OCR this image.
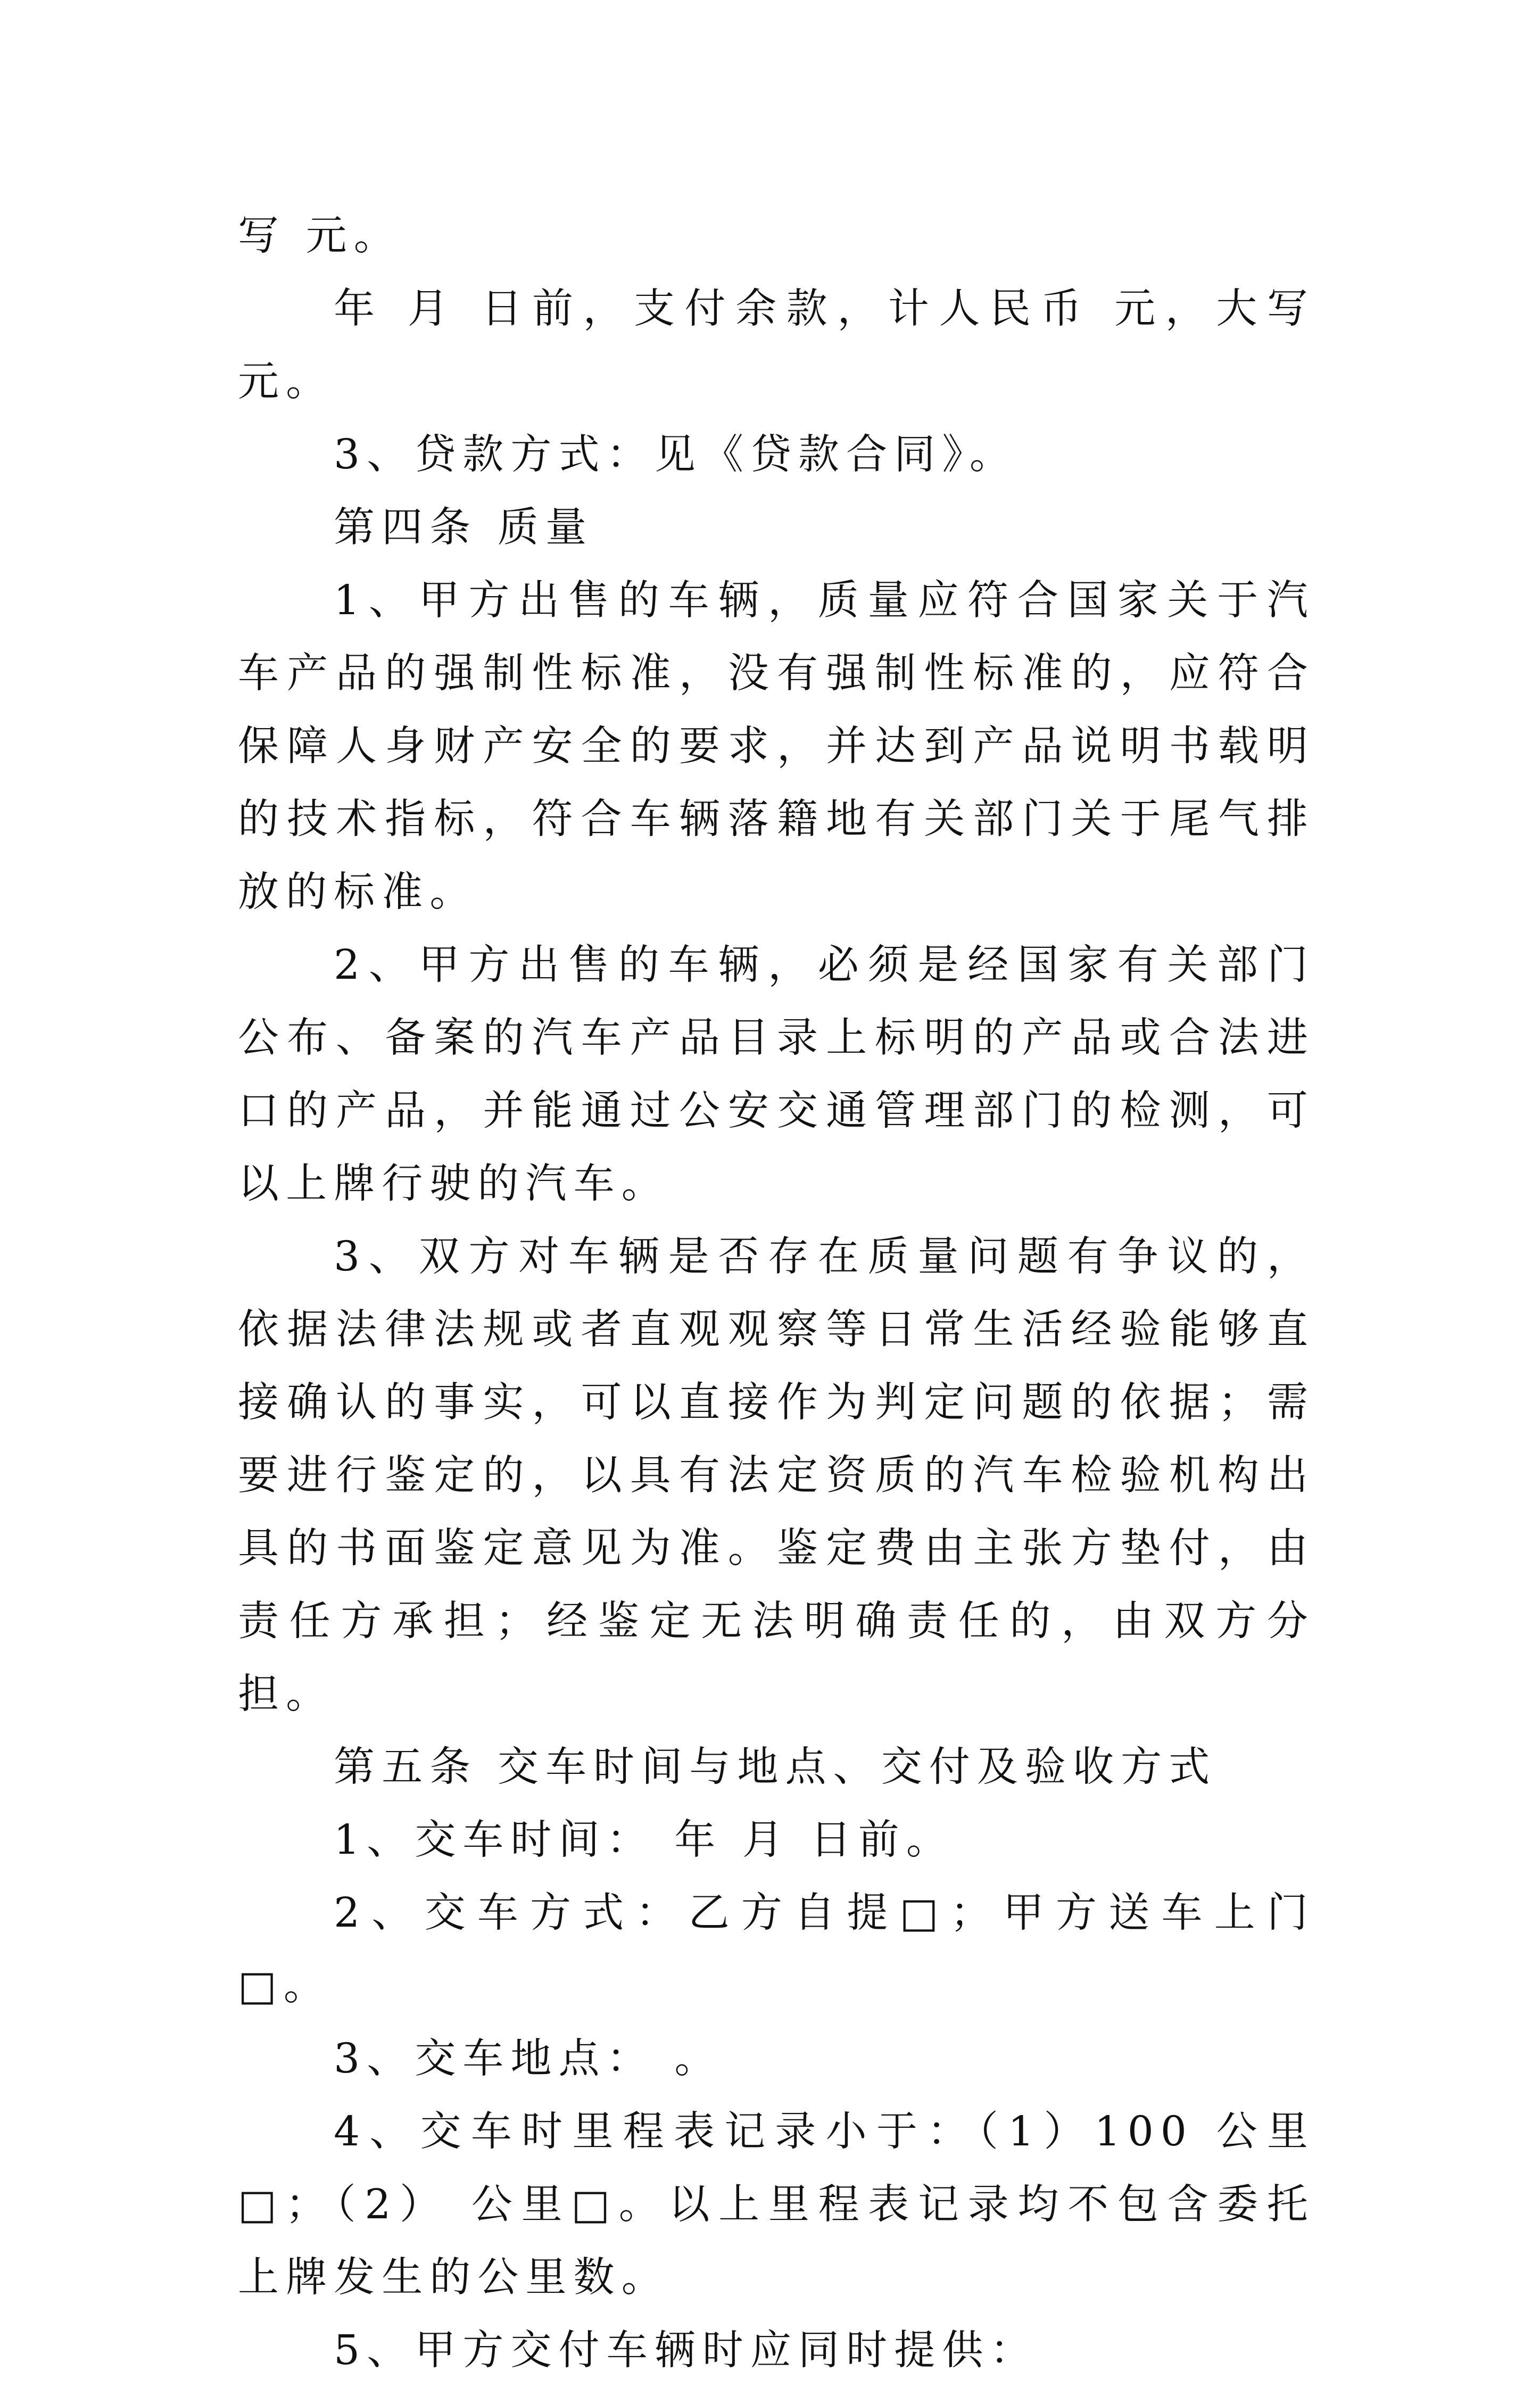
写 元。

年 月 日前，支付余款，计人民币 元，大写 元。

3、贷款方式：见《贷款合同》。

第四条 质量

1、甲方出售的车辆，质量应符合国家关于汽车产品的强制性标准，没有强制性标准的，应符合保障人身财产安全的要求，并达到产品说明书载明的技术指标，符合车辆落籍地有关部门关于尾气排放的标准。

2、甲方出售的车辆，必须是经国家有关部门公布、备案的汽车产品目录上标明的产品或合法进口的产品，并能通过公安交通管理部门的检测，可以上牌行驶的汽车。

3、双方对车辆是否存在质量问题有争议的，依据法律法规或者直观观察等日常生活经验能够直接确认的事实，可以直接作为判定问题的依据；需要进行鉴定的，以具有法定资质的汽车检验机构出具的书面鉴定意见为准。鉴定费由主张方垫付，由责任方承担；经鉴定无法明确责任的，由双方分担。

第五条 交车时间与地点、交付及验收方式

1、交车时间： 年 月 日前。

2、交车方式：乙方自提□；甲方送车上门□。

3、交车地点： 。

4、交车时里程表记录小于：（1）100 公里□；（2） 公里□。以上里程表记录均不包含委托上牌发生的公里数。

5、甲方交付车辆时应同时提供：
